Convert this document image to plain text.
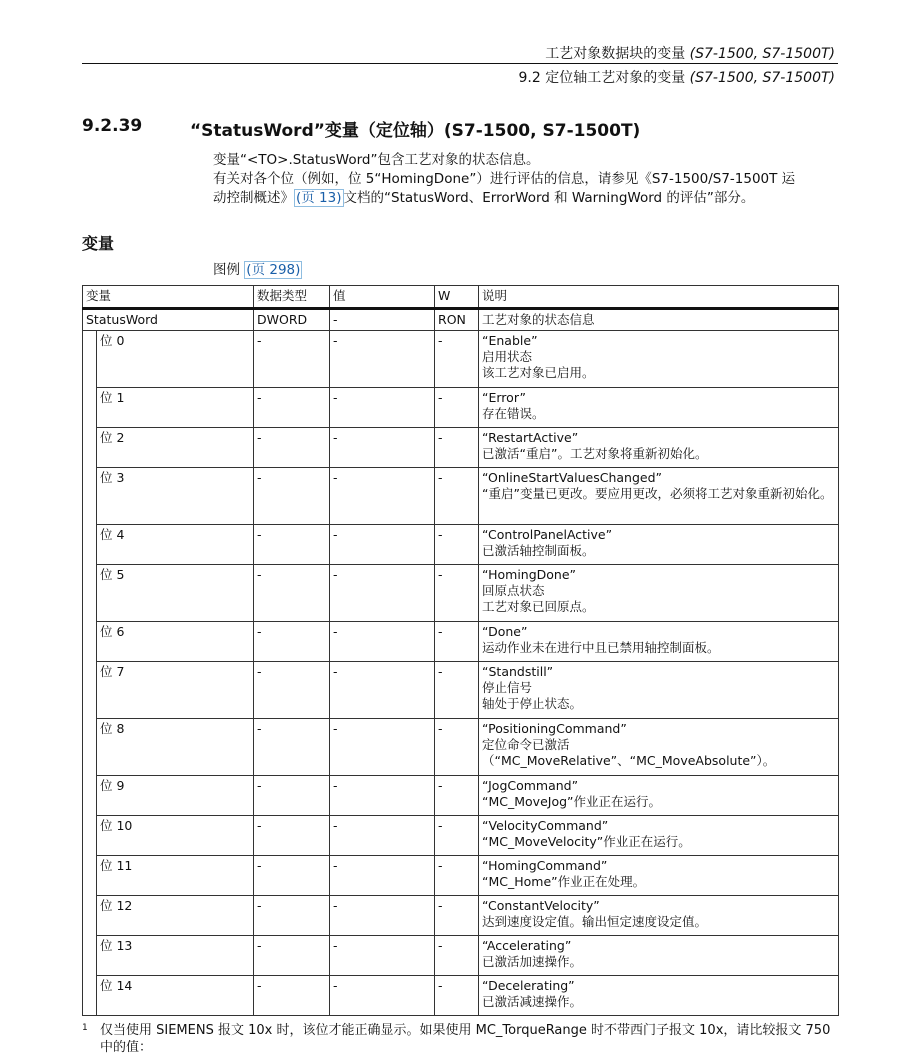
工艺对象数据块的变量 (S7-1500, S7-1500T)
9.2 定位轴工艺对象的变量 (S7-1500, S7-1500T)
9.2.39	“StatusWord”变量（定位轴）(S7-1500, S7-1500T)
变量“<TO>.StatusWord”包含工艺对象的状态信息。
有关对各个位（例如，位 5“HomingDone”）进行评估的信息，请参见《S7-1500/S7-1500T 运
动控制概述》 (页 13) 文档的“StatusWord、ErrorWord 和 WarningWord 的评估”部分。
变量
图例 (页 298)
变量		数据类型	值	W	说明
StatusWord		DWORD	-	RON	工艺对象的状态信息
	位 0	-	-	-	“Enable”
启用状态
该工艺对象已启用。

	位 1	-	-	-	“Error”
存在错误。

	位 2	-	-	-	“RestartActive”
已激活“重启”。工艺对象将重新初始化。

	位 3	-	-	-	“OnlineStartValuesChanged”
“重启”变量已更改。要应用更改，必须将工艺对象重新初始化。

	位 4	-	-	-	“ControlPanelActive”
已激活轴控制面板。

	位 5	-	-	-	“HomingDone”
回原点状态
工艺对象已回原点。

	位 6	-	-	-	“Done”
运动作业未在进行中且已禁用轴控制面板。

	位 7	-	-	-	“Standstill”
停止信号
轴处于停止状态。

	位 8	-	-	-	“PositioningCommand”
定位命令已激活
（“MC_MoveRelative”、“MC_MoveAbsolute”）。

	位 9	-	-	-	“JogCommand”
“MC_MoveJog”作业正在运行。

	位 10	-	-	-	“VelocityCommand”
“MC_MoveVelocity”作业正在运行。

	位 11	-	-	-	“HomingCommand”
“MC_Home”作业正在处理。

	位 12	-	-	-	“ConstantVelocity”
达到速度设定值。输出恒定速度设定值。

	位 13	-	-	-	“Accelerating”
已激活加速操作。

	位 14	-	-	-	“Decelerating”
已激活减速操作。
1 仅当使用 SIEMENS 报文 10x 时，该位才能正确显示。如果使用 MC_TorqueRange 时不带西门子报文 10x，请比较报文 750 中的值：
